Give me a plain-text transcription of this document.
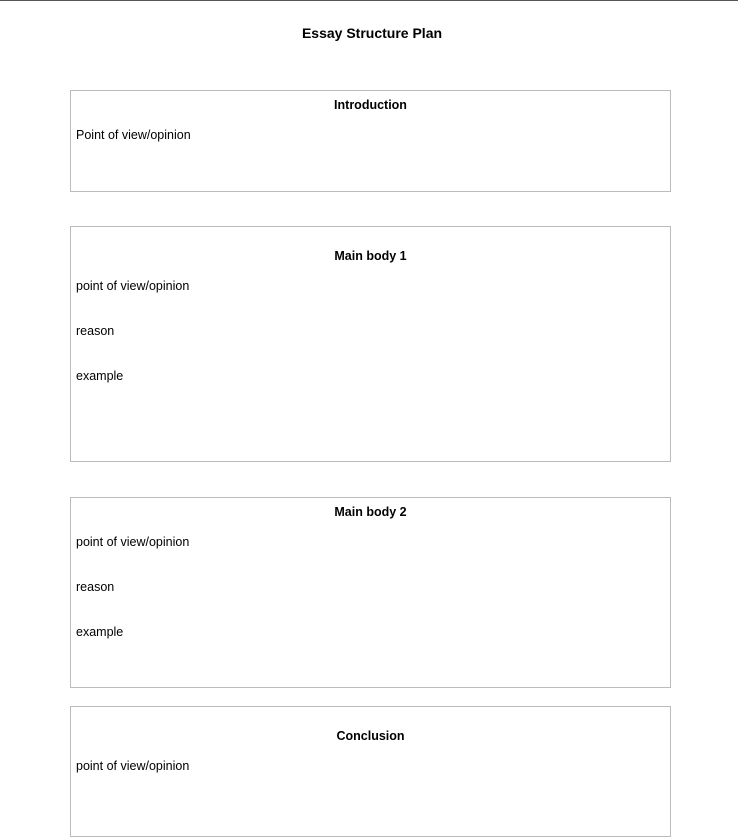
Essay Structure Plan
Introduction
Point of view/opinion
Main body 1
point of view/opinion
reason
example
Main body 2
point of view/opinion
reason
example
Conclusion
point of view/opinion
